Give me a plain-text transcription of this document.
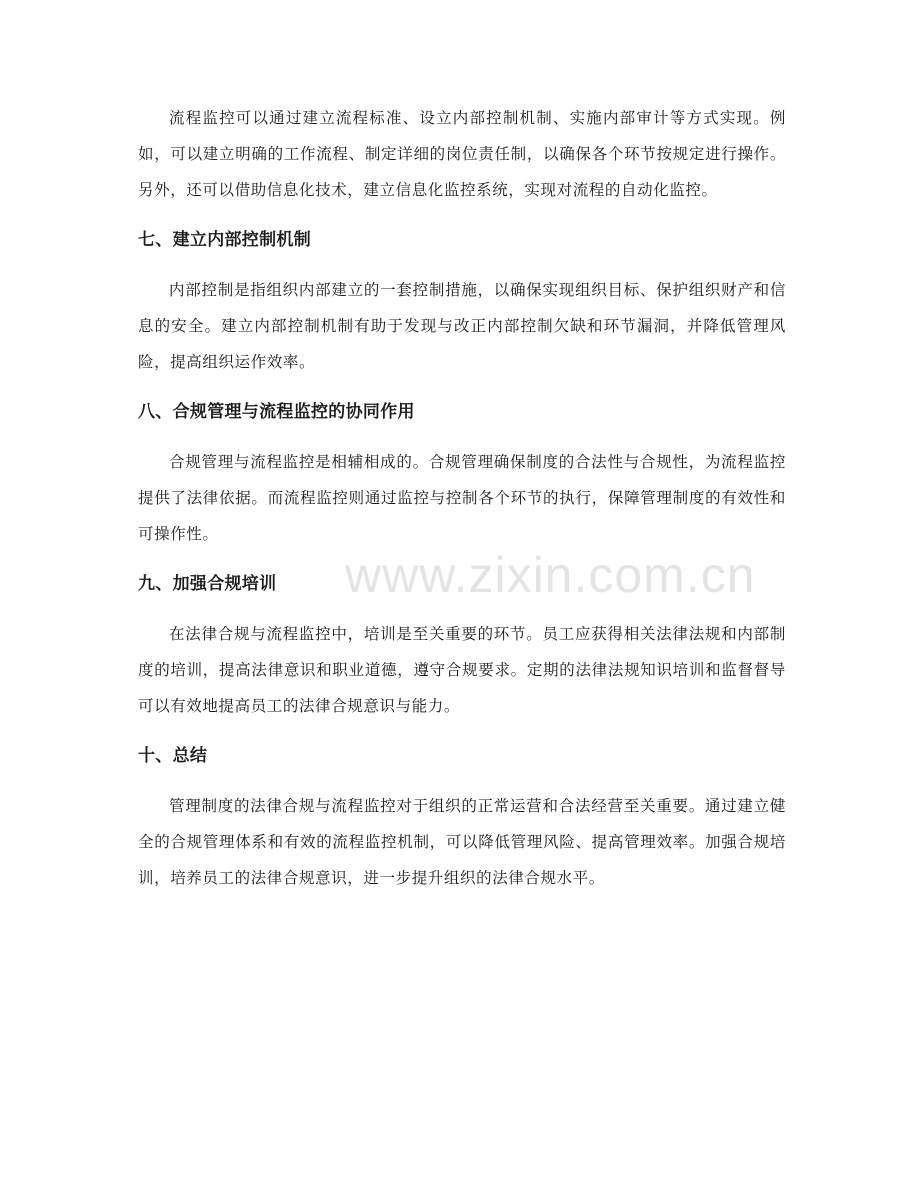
流程监控可以通过建立流程标准、设立内部控制机制、实施内部审计等方式实现。例如，可以建立明确的工作流程、制定详细的岗位责任制，以确保各个环节按规定进行操作。另外，还可以借助信息化技术，建立信息化监控系统，实现对流程的自动化监控。

七、建立内部控制机制

内部控制是指组织内部建立的一套控制措施，以确保实现组织目标、保护组织财产和信息的安全。建立内部控制机制有助于发现与改正内部控制欠缺和环节漏洞，并降低管理风险，提高组织运作效率。

八、合规管理与流程监控的协同作用

合规管理与流程监控是相辅相成的。合规管理确保制度的合法性与合规性，为流程监控提供了法律依据。而流程监控则通过监控与控制各个环节的执行，保障管理制度的有效性和可操作性。

九、加强合规培训

在法律合规与流程监控中，培训是至关重要的环节。员工应获得相关法律法规和内部制度的培训，提高法律意识和职业道德，遵守合规要求。定期的法律法规知识培训和监督督导可以有效地提高员工的法律合规意识与能力。

十、总结

管理制度的法律合规与流程监控对于组织的正常运营和合法经营至关重要。通过建立健全的合规管理体系和有效的流程监控机制，可以降低管理风险、提高管理效率。加强合规培训，培养员工的法律合规意识，进一步提升组织的法律合规水平。

www.zixin.com.cn
